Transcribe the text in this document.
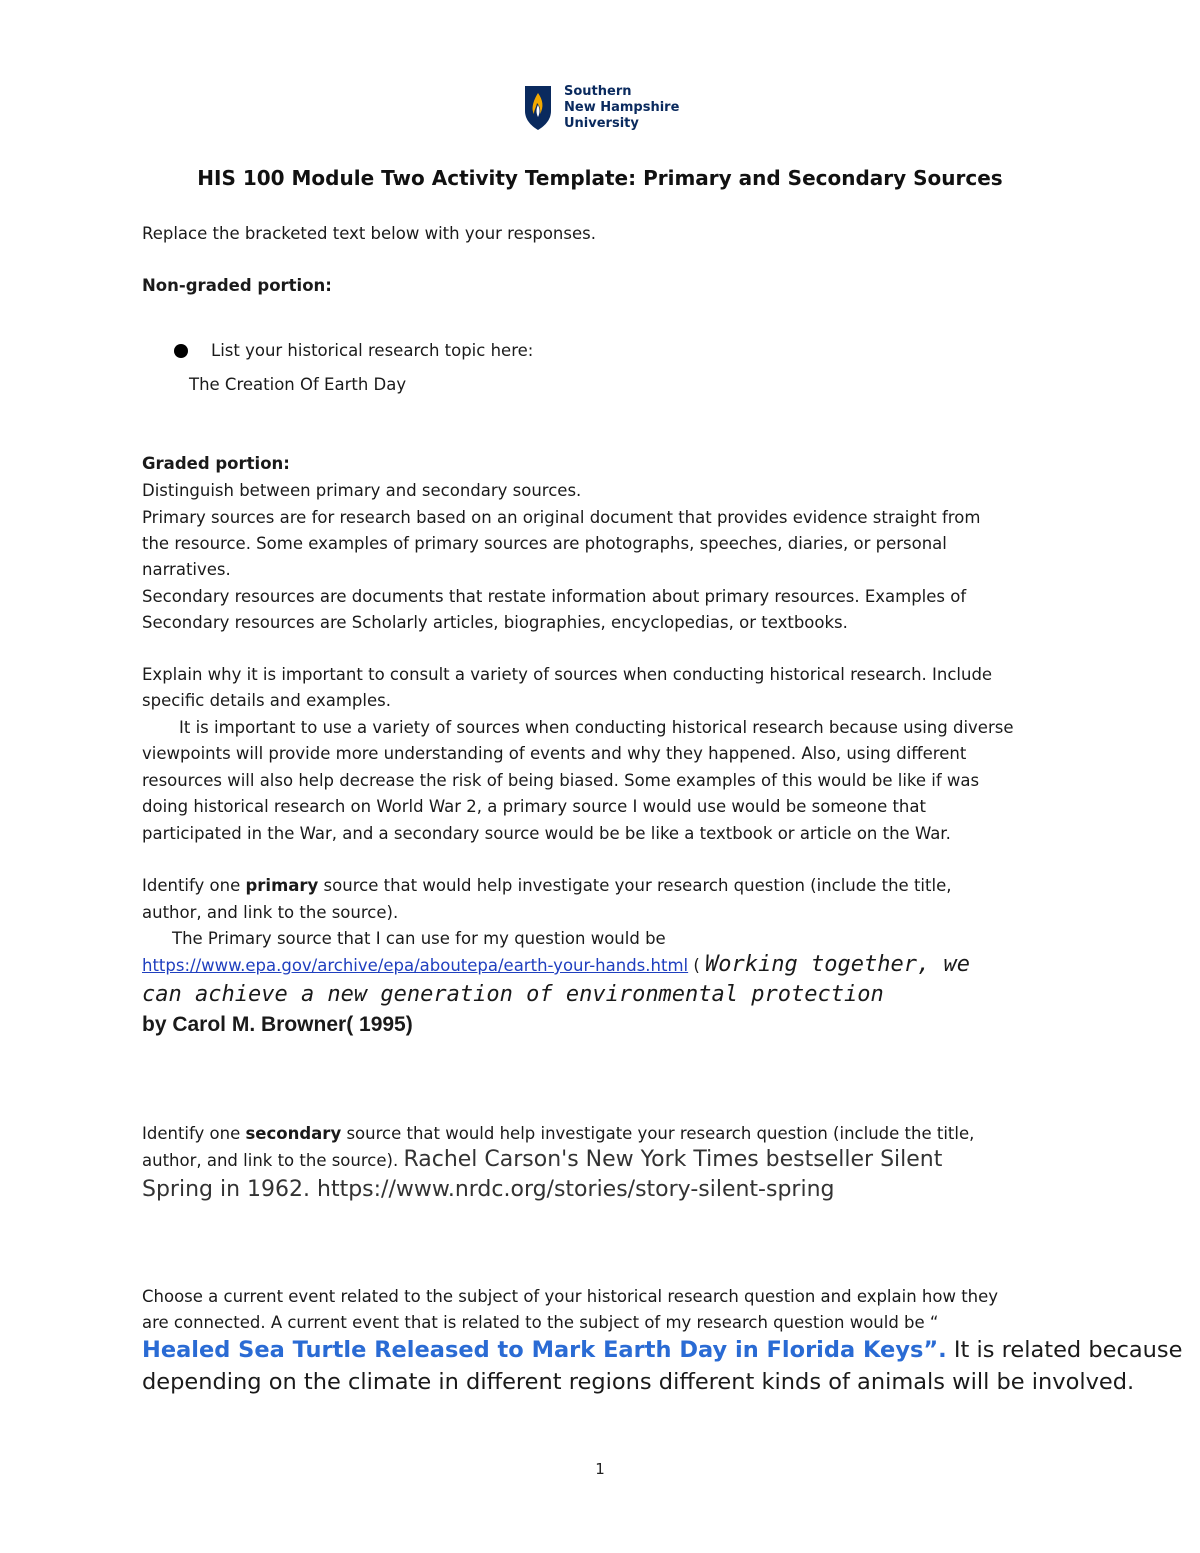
Southern
New Hampshire
University
HIS 100 Module Two Activity Template: Primary and Secondary Sources
Replace the bracketed text below with your responses.
Non-graded portion:
List your historical research topic here:
The Creation Of Earth Day
Graded portion:
Distinguish between primary and secondary sources.
Primary sources are for research based on an original document that provides evidence straight from
the resource. Some examples of primary sources are photographs, speeches, diaries, or personal
narratives.
Secondary resources are documents that restate information about primary resources. Examples of
Secondary resources are Scholarly articles, biographies, encyclopedias, or textbooks.
Explain why it is important to consult a variety of sources when conducting historical research. Include
specific details and examples.
It is important to use a variety of sources when conducting historical research because using diverse
viewpoints will provide more understanding of events and why they happened. Also, using different
resources will also help decrease the risk of being biased. Some examples of this would be like if was
doing historical research on World War 2, a primary source I would use would be someone that
participated in the War, and a secondary source would be be like a textbook or article on the War.
Identify one primary source that would help investigate your research question (include the title,
author, and link to the source).
The Primary source that I can use for my question would be
https://www.epa.gov/archive/epa/aboutepa/earth-your-hands.html ( Working together, we
can achieve a new generation of environmental protection
by Carol M. Browner( 1995)
Identify one secondary source that would help investigate your research question (include the title,
author, and link to the source). Rachel Carson's New York Times bestseller Silent
Spring in 1962. https://www.nrdc.org/stories/story-silent-spring
Choose a current event related to the subject of your historical research question and explain how they
are connected. A current event that is related to the subject of my research question would be “
Healed Sea Turtle Released to Mark Earth Day in Florida Keys”. It is related because
depending on the climate in different regions different kinds of animals will be involved.
1
